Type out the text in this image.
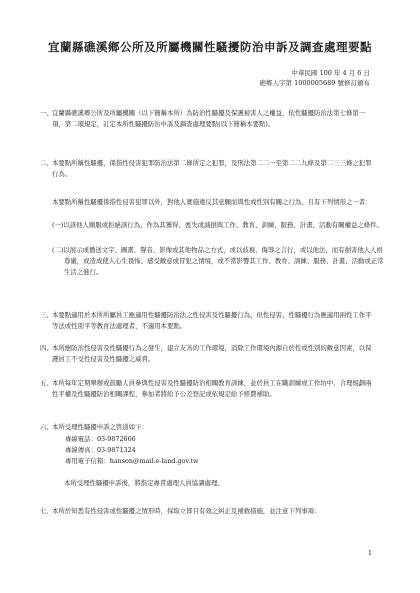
宜蘭縣礁溪鄉公所及所屬機關性騷擾防治申訴及調查處理要點
中華民國 100 年 4 月 6 日
礁鄉人字第 1000005689 號修訂頒布
一、 宜蘭縣礁溪鄉公所及所屬機關（以下簡稱本所）為防治性騷擾及保護被害人之權益，依性騷擾防治法第七條第一項，第二項規定，訂定本所性騷擾防治申訴及調查處理要點(以下簡稱本要點)。
二、 本要點所稱性騷擾，係指性侵害犯罪防治法第二條所定之犯罪，及刑法第二二一至第二二九條及第二三三條之犯罪行為。
本要點所稱性騷擾係指性侵害犯罪以外，對他人實施違反其意願而與性或性別有關之行為，且有下列情形之一者：
(一)以該他人順服或拒絕該行為，作為其獲得、喪失或減損與工作、教育、訓練、服務、計畫、活動有關權益之條件。
(二)以展示或播送文字、圖畫、聲音、影像或其他物品之方式，或以歧視、侮辱之言行，或以他法，而有損害他人人格尊嚴，或造成使人心生畏怖、感受敵意或冒犯之情境，或不當影響其工作、教育、訓練、服務、計畫、活動或正常生活之進行。
三、 本要點適用於本所所屬員工應適用性騷擾防治法之性侵害及性騷擾行為，但性侵害、性騷擾行為應適用兩性工作平等法或性別平等教育法處理者，不適用本要點。
四、 本所應防治性侵害及性騷擾行為之發生，建立友善的工作環境，消除工作環境內源自於性或性別的敵意因素，以保護員工不受性侵害及性騷擾之威脅。
五、 本所每年定期舉辦或鼓勵人員參與性侵害及性騷擾防治相關教育訓練，並於員工在職訓練或工作坊中，合理規劃兩性平權及性騷擾防治相關課程，參加者將給予公差登記或依規定給予經費補助。
六、 本所受理性騷擾申訴之管道如下：
專線電話：03-9872666
專線傳真：03-9871324
專用電子信箱：hanson@mail.e-land.gov.tw
本所受理性騷擾申訴後，將指定專責處理人員協調處理。
七、 本所於知悉有性侵害或性騷擾之情形時，採取立即且有效之糾正及補救措施，並注意下列事項：
1
